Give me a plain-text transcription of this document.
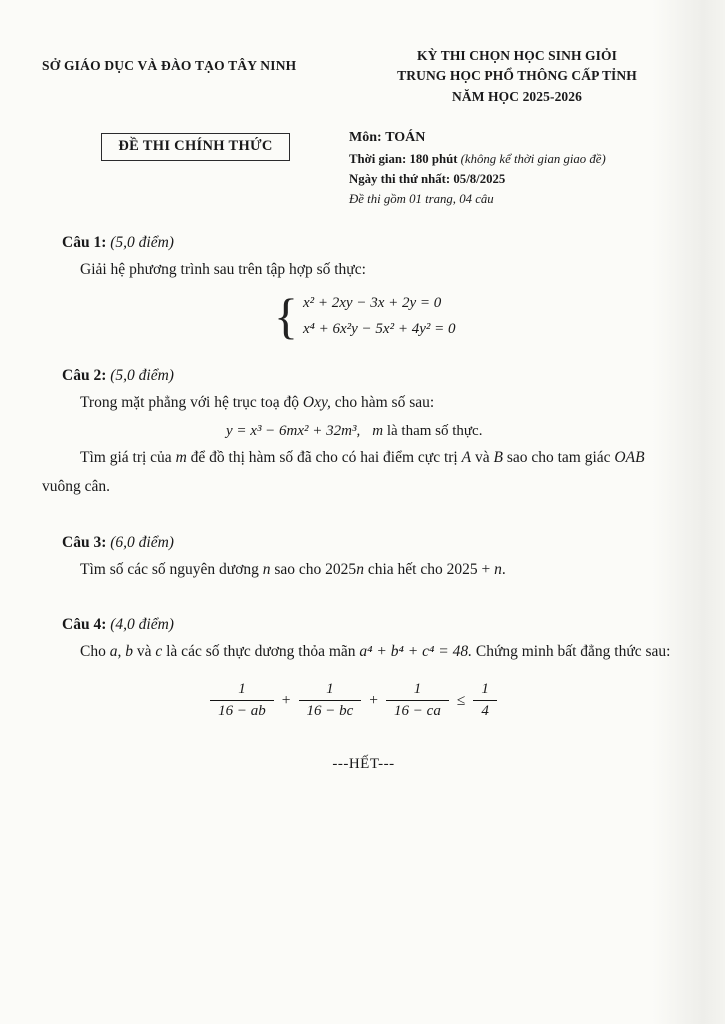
SỞ GIÁO DỤC VÀ ĐÀO TẠO TÂY NINH
KỲ THI CHỌN HỌC SINH GIỎI
TRUNG HỌC PHỔ THÔNG CẤP TỈNH
NĂM HỌC 2025-2026
ĐỀ THI CHÍNH THỨC
Môn: TOÁN
Thời gian: 180 phút (không kể thời gian giao đề)
Ngày thi thứ nhất: 05/8/2025
Đề thi gồm 01 trang, 04 câu
Câu 1: (5,0 điểm)

Giải hệ phương trình sau trên tập hợp số thực:

{ x² + 2xy − 3x + 2y = 0
x⁴ + 6x²y − 5x² + 4y² = 0
Câu 2: (5,0 điểm)

Trong mặt phẳng với hệ trục toạ độ Oxy, cho hàm số sau:

y = x³ − 6mx² + 32m³, m là tham số thực.

Tìm giá trị của m để đồ thị hàm số đã cho có hai điểm cực trị A và B sao cho tam giác OAB vuông cân.

Câu 3: (6,0 điểm)

Tìm số các số nguyên dương n sao cho 2025n chia hết cho 2025 + n.

Câu 4: (4,0 điểm)

Cho a, b và c là các số thực dương thỏa mãn a⁴ + b⁴ + c⁴ = 48. Chứng minh bất đẳng thức sau:

$\frac{1}{16 - ab} + \frac{1}{16 - bc} + \frac{1}{16 - ca} \le \frac{1}{4}$
---HẾT---
